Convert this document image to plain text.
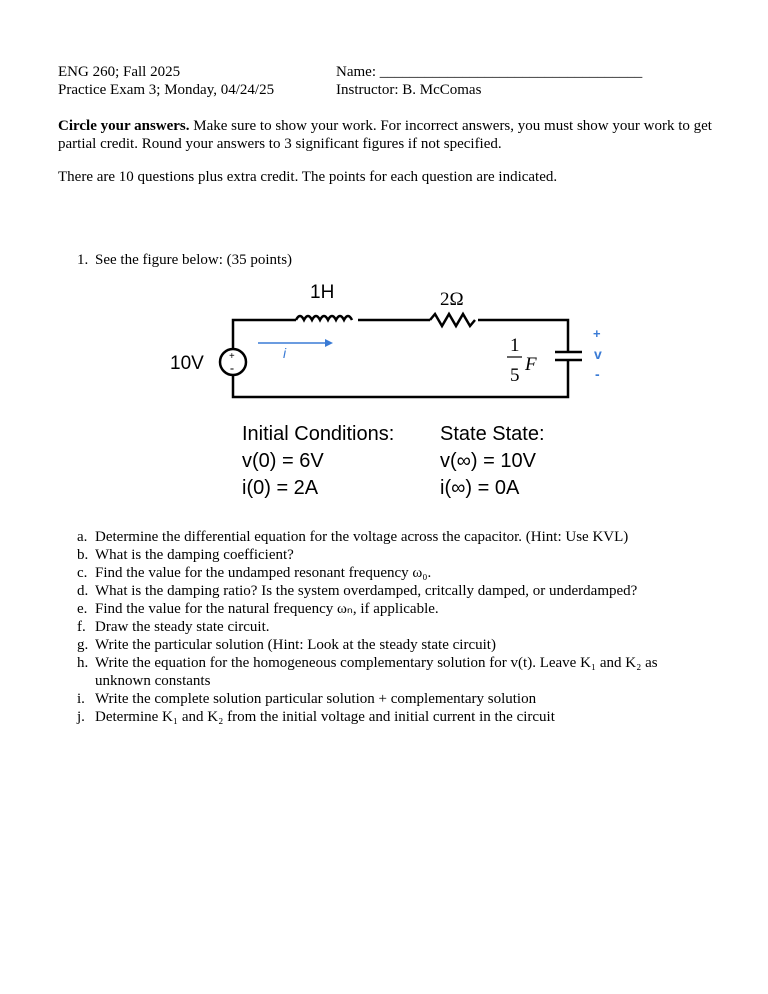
ENG 260; Fall 2025
Practice Exam 3; Monday, 04/24/25
Name: ___________________________________
Instructor: B. McComas
Circle your answers. Make sure to show your work. For incorrect answers, you must show your work to get partial credit. Round your answers to 3 significant figures if not specified.
There are 10 questions plus extra credit. The points for each question are indicated.
1. See the figure below: (35 points)
+
-
i
1H	2Ω
10V
1
5
F
+
v
-
Initial Conditions:
v(0) = 6V
i(0) = 2A
State State:
v(∞) = 10V
i(∞) = 0A
a. Determine the differential equation for the voltage across the capacitor. (Hint: Use KVL)
b. What is the damping coefficient?
c. Find the value for the undamped resonant frequency ω₀.
d. What is the damping ratio? Is the system overdamped, critcally damped, or underdamped?
e. Find the value for the natural frequency ωₙ, if applicable.
f. Draw the steady state circuit.
g. Write the particular solution (Hint: Look at the steady state circuit)
h. Write the equation for the homogeneous complementary solution for v(t). Leave K₁ and K₂ as unknown constants
i. Write the complete solution particular solution + complementary solution
j. Determine K₁ and K₂ from the initial voltage and initial current in the circuit
